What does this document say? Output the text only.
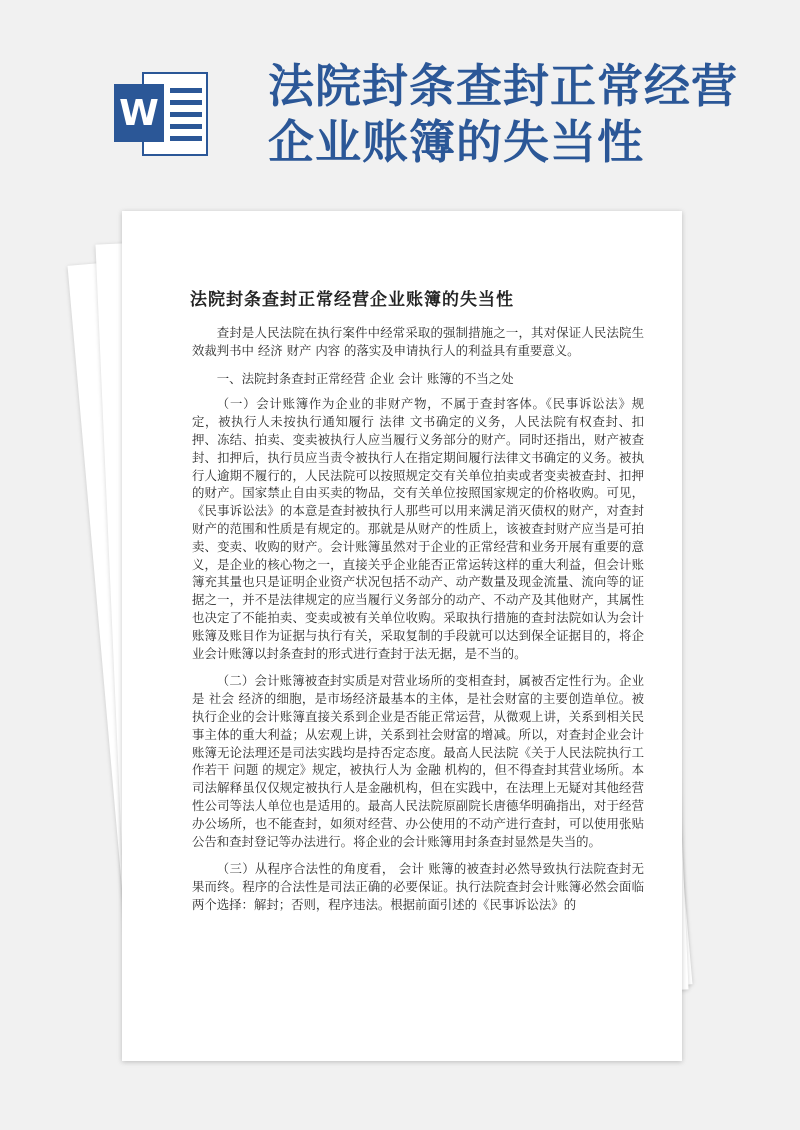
W 法院封条查封正常经营
企业账簿的失当性
法院封条查封正常经营企业账簿的失当性

查封是人民法院在执行案件中经常采取的强制措施之一，其对保证人民法院生效裁判书中 经济 财产 内容 的落实及申请执行人的利益具有重要意义。

一、法院封条查封正常经营 企业 会计 账簿的不当之处

（一）会计账簿作为企业的非财产物，不属于查封客体。《民事诉讼法》规定，被执行人未按执行通知履行 法律 文书确定的义务，人民法院有权查封、扣押、冻结、拍卖、变卖被执行人应当履行义务部分的财产。同时还指出，财产被查封、扣押后，执行员应当责令被执行人在指定期间履行法律文书确定的义务。被执行人逾期不履行的，人民法院可以按照规定交有关单位拍卖或者变卖被查封、扣押的财产。国家禁止自由买卖的物品，交有关单位按照国家规定的价格收购。可见，《民事诉讼法》的本意是查封被执行人那些可以用来满足消灭债权的财产，对查封财产的范围和性质是有规定的。那就是从财产的性质上，该被查封财产应当是可拍卖、变卖、收购的财产。会计账簿虽然对于企业的正常经营和业务开展有重要的意义，是企业的核心物之一，直接关乎企业能否正常运转这样的重大利益，但会计账簿充其量也只是证明企业资产状况包括不动产、动产数量及现金流量、流向等的证据之一，并不是法律规定的应当履行义务部分的动产、不动产及其他财产，其属性也决定了不能拍卖、变卖或被有关单位收购。采取执行措施的查封法院如认为会计账簿及账目作为证据与执行有关，采取复制的手段就可以达到保全证据目的，将企业会计账簿以封条查封的形式进行查封于法无据，是不当的。

（二）会计账簿被查封实质是对营业场所的变相查封，属被否定性行为。企业是 社会 经济的细胞，是市场经济最基本的主体，是社会财富的主要创造单位。被执行企业的会计账簿直接关系到企业是否能正常运营，从微观上讲，关系到相关民事主体的重大利益；从宏观上讲，关系到社会财富的增减。所以，对查封企业会计账簿无论法理还是司法实践均是持否定态度。最高人民法院《关于人民法院执行工作若干 问题 的规定》规定，被执行人为 金融 机构的，但不得查封其营业场所。本司法解释虽仅仅规定被执行人是金融机构，但在实践中，在法理上无疑对其他经营性公司等法人单位也是适用的。最高人民法院原副院长唐德华明确指出，对于经营办公场所，也不能查封，如须对经营、办公使用的不动产进行查封，可以使用张贴公告和查封登记等办法进行。将企业的会计账簿用封条查封显然是失当的。

（三）从程序合法性的角度看， 会计 账簿的被查封必然导致执行法院查封无果而终。程序的合法性是司法正确的必要保证。执行法院查封会计账簿必然会面临两个选择：解封；否则，程序违法。根据前面引述的《民事诉讼法》的
